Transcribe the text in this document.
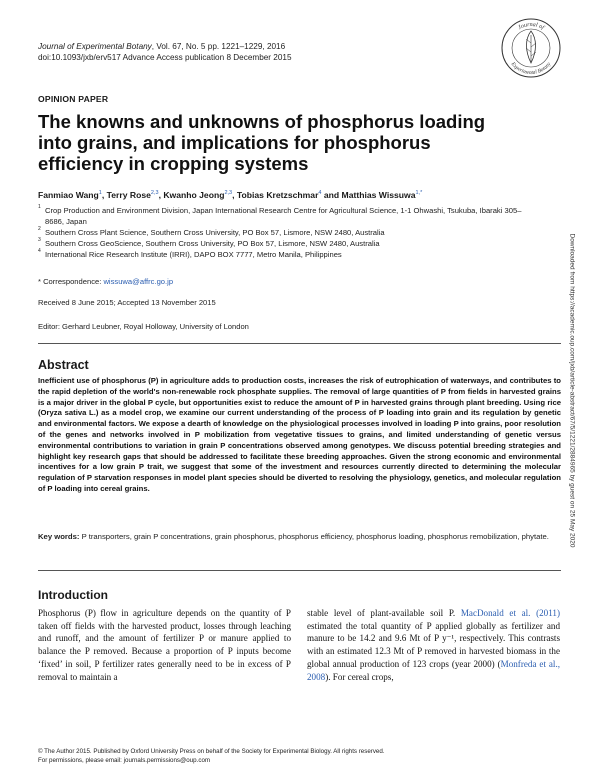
Journal of Experimental Botany, Vol. 67, No. 5 pp. 1221–1229, 2016
doi:10.1093/jxb/erv517 Advance Access publication 8 December 2015
Journal of
Experimental Botany
OPINION PAPER
The knowns and unknowns of phosphorus loading into grains, and implications for phosphorus efficiency in cropping systems
Fanmiao Wang$^1$, Terry Rose$^{2,3}$, Kwanho Jeong$^{2,3}$, Tobias Kretzschmar$^4$ and Matthias Wissuwa$^{1,*}$
1 Crop Production and Environment Division, Japan International Research Centre for Agricultural Science, 1-1 Ohwashi, Tsukuba, Ibaraki 305–8686, Japan
2 Southern Cross Plant Science, Southern Cross University, PO Box 57, Lismore, NSW 2480, Australia
3 Southern Cross GeoScience, Southern Cross University, PO Box 57, Lismore, NSW 2480, Australia
4 International Rice Research Institute (IRRI), DAPO BOX 7777, Metro Manila, Philippines
* Correspondence: wissuwa@affrc.go.jp
Received 8 June 2015; Accepted 13 November 2015
Editor: Gerhard Leubner, Royal Holloway, University of London
Abstract
Inefficient use of phosphorus (P) in agriculture adds to production costs, increases the risk of eutrophication of waterways, and contributes to the rapid depletion of the world's non-renewable rock phosphate supplies. The removal of large quantities of P from fields in harvested grains is a major driver in the global P cycle, but opportunities exist to reduce the amount of P in harvested grains through plant breeding. Using rice (Oryza sativa L.) as a model crop, we examine our current understanding of the process of P loading into grain and its regulation by genetic and environmental factors. We expose a dearth of knowledge on the physiological processes involved in loading P into grains, poor resolution of the genes and networks involved in P mobilization from vegetative tissues to grains, and limited understanding of genetic versus environmental contributions to variation in grain P concentrations observed among genotypes. We discuss potential breeding strategies and highlight key research gaps that should be addressed to facilitate these breeding approaches. Given the strong economic and environmental incentives for a low grain P trait, we suggest that some of the investment and resources currently directed to determining the molecular regulation of P starvation responses in model plant species should be diverted to resolving the physiology, genetics, and molecular regulation of P loading into cereal grains.
Key words: P transporters, grain P concentrations, grain phosphorus, phosphorus efficiency, phosphorus loading, phosphorus remobilization, phytate.
Introduction
Phosphorus (P) flow in agriculture depends on the quantity of P taken off fields with the harvested product, losses through leaching and runoff, and the amount of fertilizer P or manure applied to balance the P removed. Because a proportion of P inputs become ‘fixed’ in soil, P fertilizer rates generally need to be in excess of P removal to maintain a
stable level of plant-available soil P. MacDonald et al. (2011) estimated the total quantity of P applied globally as fertilizer and manure to be 14.2 and 9.6 Mt of P y⁻¹, respectively. This contrasts with an estimated 12.3 Mt of P removed in harvested biomass in the global annual production of 123 crops (year 2000) (Monfreda et al., 2008). For cereal crops,
© The Author 2015. Published by Oxford University Press on behalf of the Society for Experimental Biology. All rights reserved.
For permissions, please email: journals.permissions@oup.com
Downloaded from https://academic.oup.com/jxb/article-abstract/67/5/1221/2884965 by guest on 25 May 2020
